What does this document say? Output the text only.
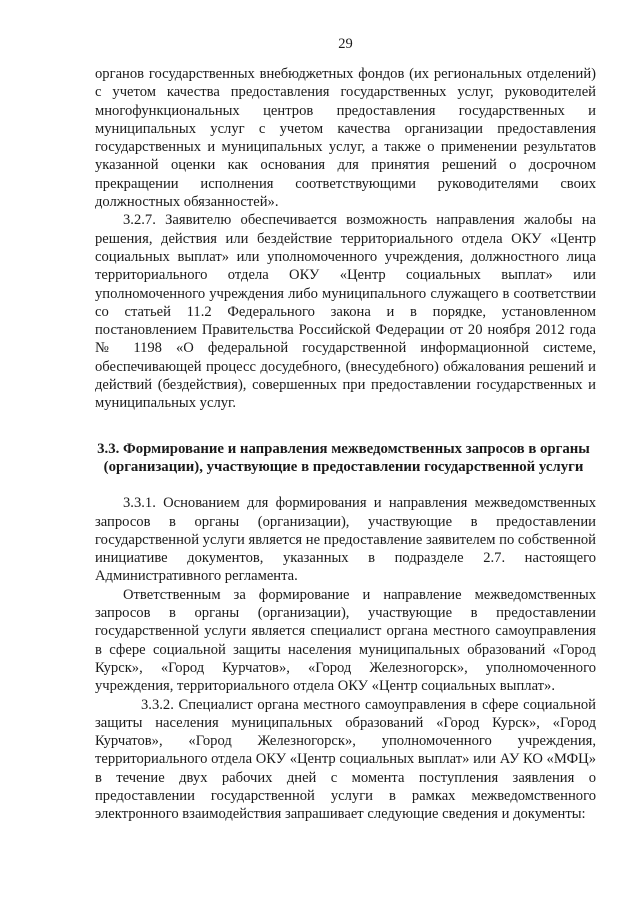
29

органов государственных внебюджетных фондов (их региональных отделений) с учетом качества предоставления государственных услуг, руководителей многофункциональных центров предоставления государственных и муниципальных услуг с учетом качества организации предоставления государственных и муниципальных услуг, а также о применении результатов указанной оценки как основания для принятия решений о досрочном прекращении исполнения соответствующими руководителями своих должностных обязанностей».

3.2.7. Заявителю обеспечивается возможность направления жалобы на решения, действия или бездействие территориального отдела ОКУ «Центр социальных выплат» или уполномоченного учреждения, должностного лица территориального отдела ОКУ «Центр социальных выплат» или уполномоченного учреждения либо муниципального служащего в соответствии со статьей 11.2 Федерального закона и в порядке, установленном постановлением Правительства Российской Федерации от 20 ноября 2012 года № 1198 «О федеральной государственной информационной системе, обеспечивающей процесс досудебного, (внесудебного) обжалования решений и действий (бездействия), совершенных при предоставлении государственных и муниципальных услуг.

3.3. Формирование и направления межведомственных запросов в органы (организации), участвующие в предоставлении государственной услуги

3.3.1. Основанием для формирования и направления межведомственных запросов в органы (организации), участвующие в предоставлении государственной услуги является не предоставление заявителем по собственной инициативе документов, указанных в подразделе 2.7. настоящего Административного регламента.

Ответственным за формирование и направление межведомственных запросов в органы (организации), участвующие в предоставлении государственной услуги является специалист органа местного самоуправления в сфере социальной защиты населения муниципальных образований «Город Курск», «Город Курчатов», «Город Железногорск», уполномоченного учреждения, территориального отдела ОКУ «Центр социальных выплат».

3.3.2. Специалист органа местного самоуправления в сфере социальной защиты населения муниципальных образований «Город Курск», «Город Курчатов», «Город Железногорск», уполномоченного учреждения, территориального отдела ОКУ «Центр социальных выплат» или АУ КО «МФЦ» в течение двух рабочих дней с момента поступления заявления о предоставлении государственной услуги в рамках межведомственного электронного взаимодействия запрашивает следующие сведения и документы:
